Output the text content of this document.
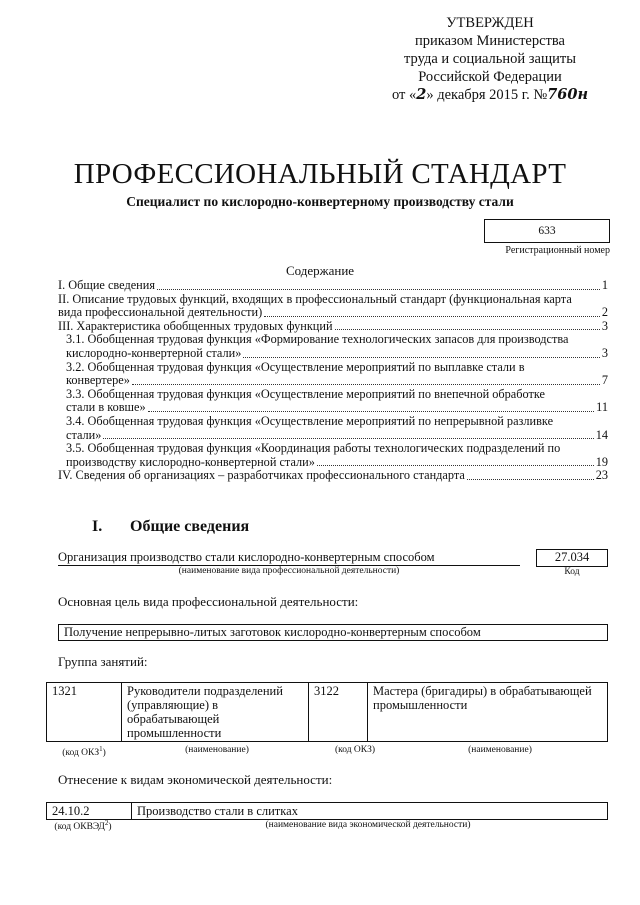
УТВЕРЖДЕН
приказом Министерства
труда и социальной защиты
Российской Федерации
от «2» декабря 2015 г. №760н
ПРОФЕССИОНАЛЬНЫЙ СТАНДАРТ
Специалист по кислородно-конвертерному производству стали
633
Регистрационный номер
Содержание
I. Общие сведения	1
II. Описание трудовых функций, входящих в профессиональный стандарт (функциональная карта
вида профессиональной деятельности)	2
III. Характеристика обобщенных трудовых функций	3
3.1. Обобщенная трудовая функция «Формирование технологических запасов для производства
кислородно-конвертерной стали»	3
3.2. Обобщенная трудовая функция «Осуществление мероприятий по выплавке стали в
конвертере»	7
3.3. Обобщенная трудовая функция «Осуществление мероприятий по внепечной обработке
стали в ковше»	11
3.4. Обобщенная трудовая функция «Осуществление мероприятий по непрерывной разливке
стали»	14
3.5. Обобщенная трудовая функция «Координация работы технологических подразделений по
производству кислородно-конвертерной стали»	19
IV. Сведения об организациях – разработчиках профессионального стандарта	23
I. Общие сведения
Организация производство стали кислородно-конвертерным способом
(наименование вида профессиональной деятельности)
27.034
Код
Основная цель вида профессиональной деятельности:
Получение непрерывно-литых заготовок кислородно-конвертерным способом
Группа занятий:
1321	Руководители подразделений (управляющие) в обрабатывающей промышленности	3122	Мастера (бригадиры) в обрабатывающей промышленности
(код ОКЗ$^1$)	(наименование)	(код ОКЗ)	(наименование)
Отнесение к видам экономической деятельности:
24.10.2	Производство стали в слитках
(код ОКВЭД$^2$)	(наименование вида экономической деятельности)
